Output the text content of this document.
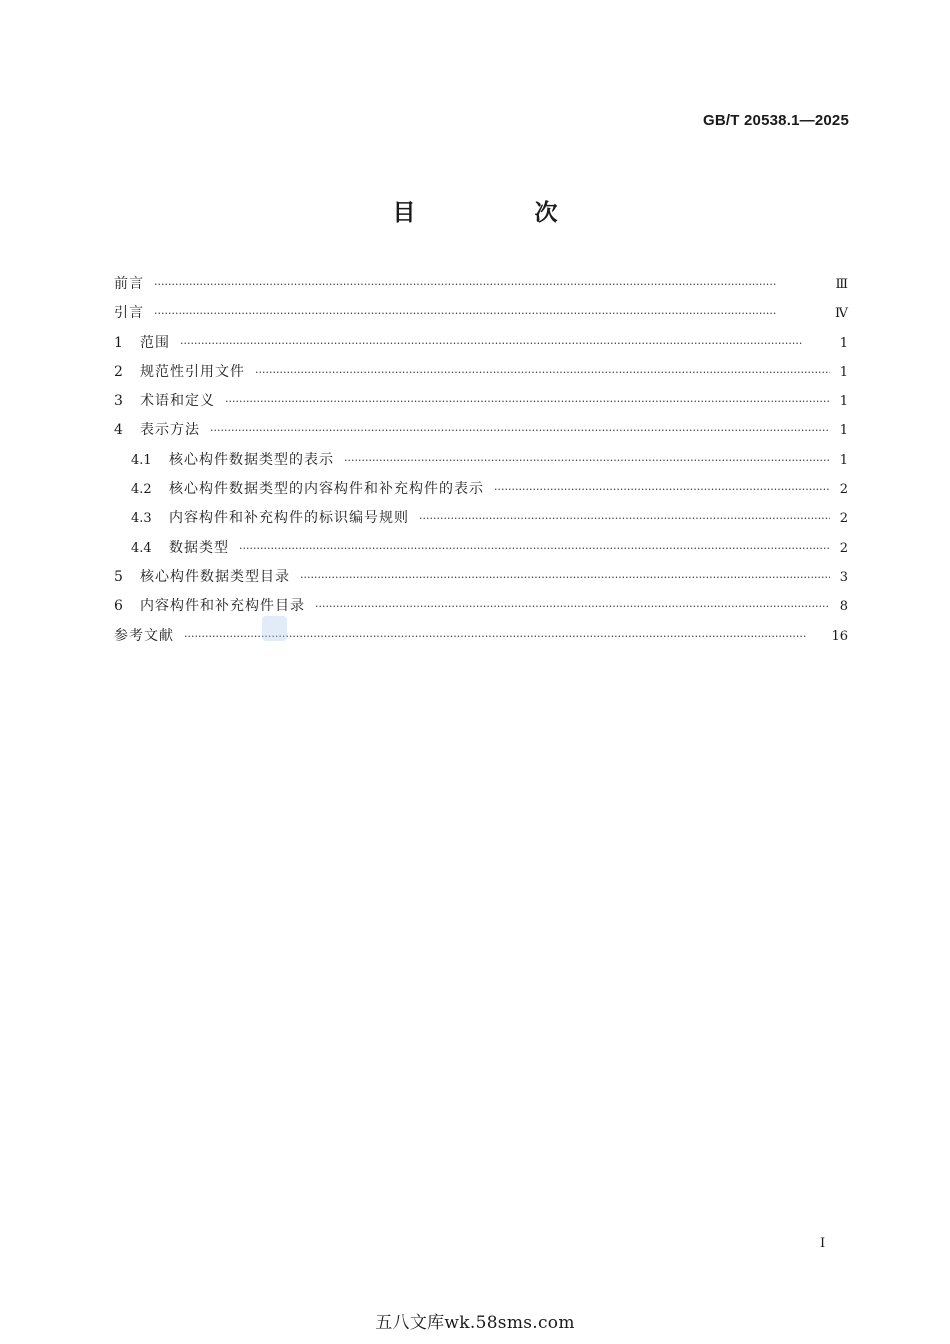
GB/T 20538.1—2025
目　次
前言 ·····	Ⅲ
引言 ·····	Ⅳ
1	范围 ·····	1
2	规范性引用文件 ·····	1
3	术语和定义 ·····	1
4	表示方法 ·····	1
4.1	核心构件数据类型的表示 ·····	1
4.2	核心构件数据类型的内容构件和补充构件的表示 ·····	2
4.3	内容构件和补充构件的标识编号规则 ·····	2
4.4	数据类型 ·····	2
5	核心构件数据类型目录 ·····	3
6	内容构件和补充构件目录 ·····	8
参考文献 ·····	16
Ⅰ
五八文库wk.58sms.com
